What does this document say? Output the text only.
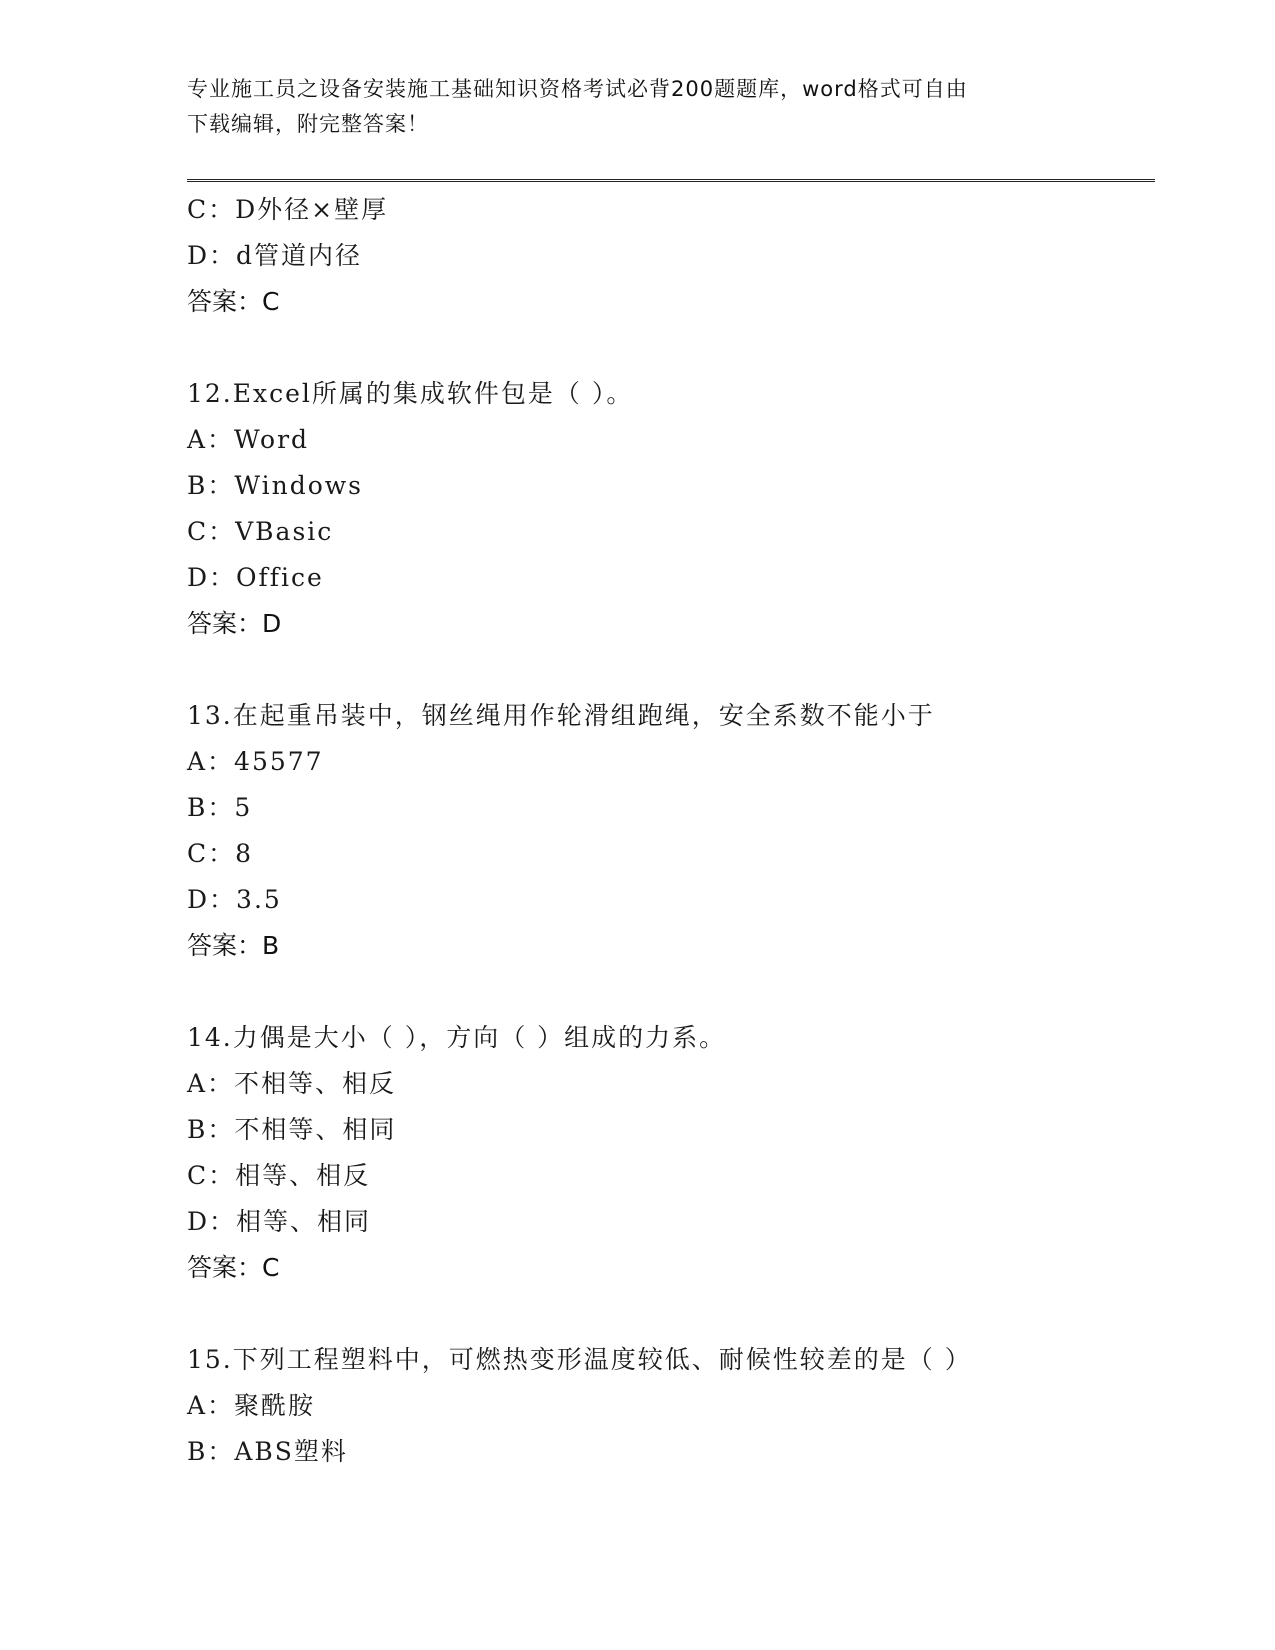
专业施工员之设备安装施工基础知识资格考试必背200题题库，word格式可自由
下载编辑，附完整答案！
C：D外径×壁厚
D：d管道内径
答案：C
12.Excel所属的集成软件包是（ ）。
A：Word
B：Windows
C：VBasic
D：Office
答案：D
13.在起重吊装中，钢丝绳用作轮滑组跑绳，安全系数不能小于
A：45577
B：5
C：8
D：3.5
答案：B
14.力偶是大小（ ），方向（ ）组成的力系。
A：不相等、相反
B：不相等、相同
C：相等、相反
D：相等、相同
答案：C
15.下列工程塑料中，可燃热变形温度较低、耐候性较差的是（ ）
A：聚酰胺
B：ABS塑料
